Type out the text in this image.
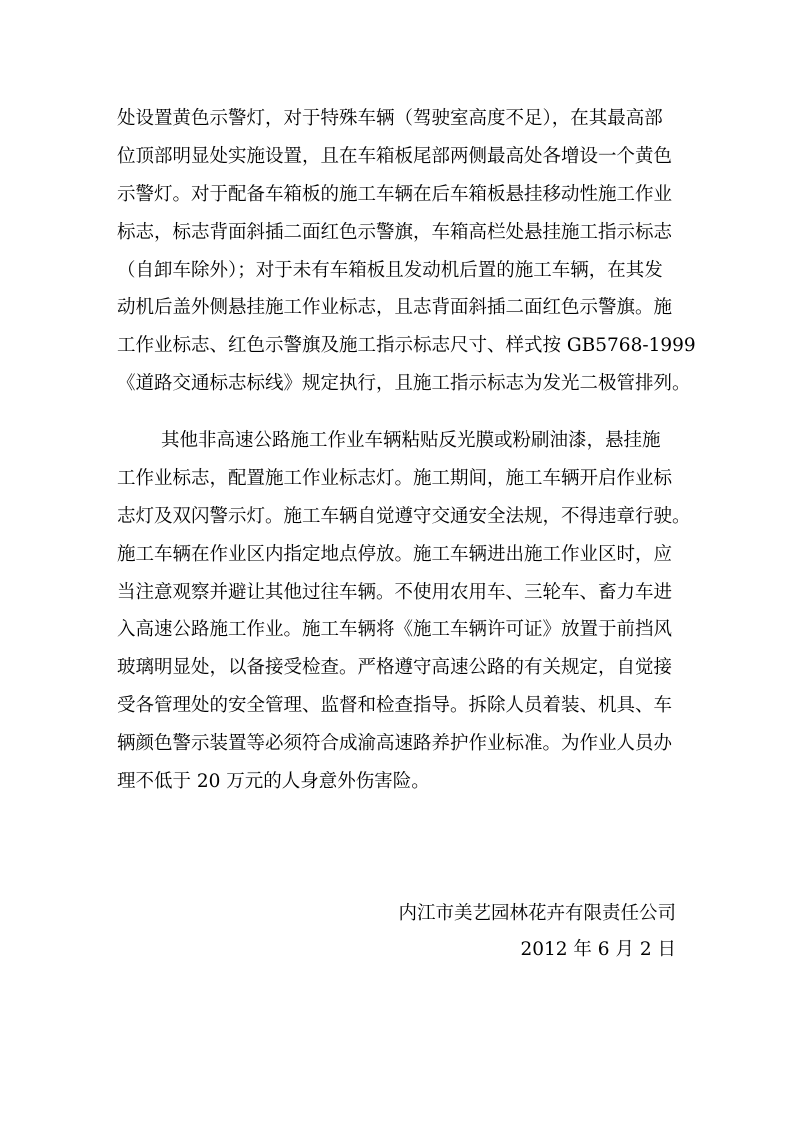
处设置黄色示警灯，对于特殊车辆（驾驶室高度不足），在其最高部
位顶部明显处实施设置，且在车箱板尾部两侧最高处各增设一个黄色
示警灯。对于配备车箱板的施工车辆在后车箱板悬挂移动性施工作业
标志，标志背面斜插二面红色示警旗，车箱高栏处悬挂施工指示标志
（自卸车除外）；对于未有车箱板且发动机后置的施工车辆，在其发
动机后盖外侧悬挂施工作业标志，且志背面斜插二面红色示警旗。施
工作业标志、红色示警旗及施工指示标志尺寸、样式按 GB5768-1999
《道路交通标志标线》规定执行，且施工指示标志为发光二极管排列。
其他非高速公路施工作业车辆粘贴反光膜或粉刷油漆，悬挂施
工作业标志，配置施工作业标志灯。施工期间，施工车辆开启作业标
志灯及双闪警示灯。施工车辆自觉遵守交通安全法规，不得违章行驶。
施工车辆在作业区内指定地点停放。施工车辆进出施工作业区时，应
当注意观察并避让其他过往车辆。不使用农用车、三轮车、畜力车进
入高速公路施工作业。施工车辆将《施工车辆许可证》放置于前挡风
玻璃明显处，以备接受检查。严格遵守高速公路的有关规定，自觉接
受各管理处的安全管理、监督和检查指导。拆除人员着装、机具、车
辆颜色警示装置等必须符合成渝高速路养护作业标准。为作业人员办
理不低于 20 万元的人身意外伤害险。
内江市美艺园林花卉有限责任公司
2012 年 6 月 2 日
